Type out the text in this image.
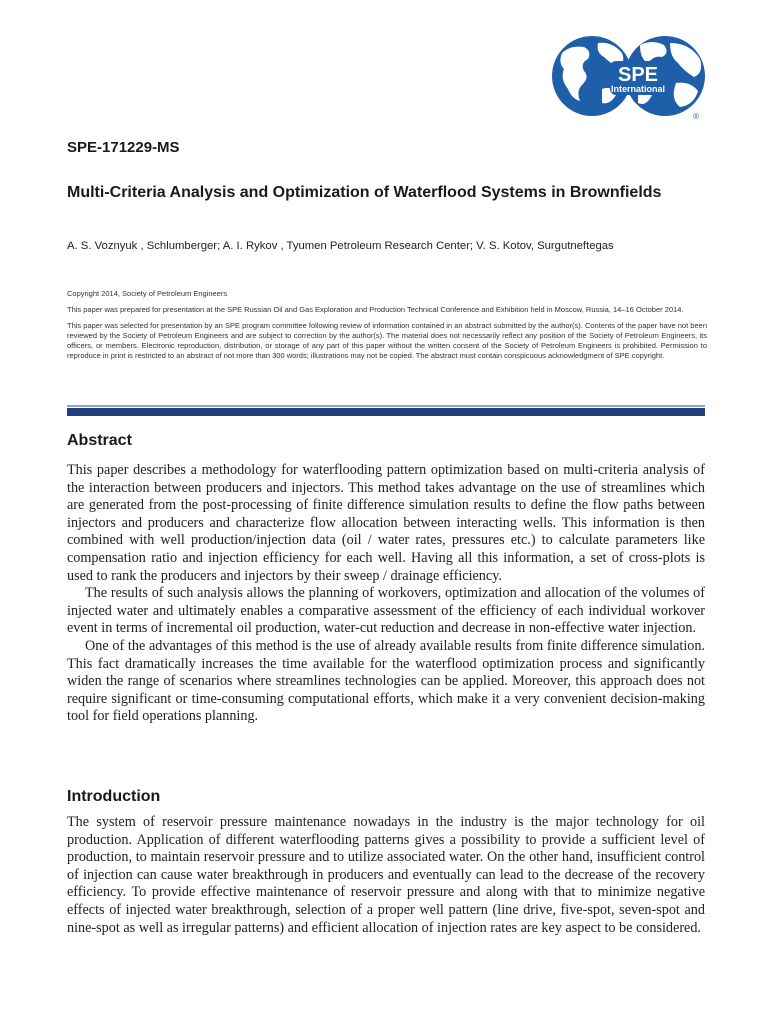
SPE
International
®
SPE-171229-MS
Multi-Criteria Analysis and Optimization of Waterflood Systems in Brownfields
A. S. Voznyuk , Schlumberger; A. I. Rykov , Tyumen Petroleum Research Center; V. S. Kotov, Surgutneftegas

Copyright 2014, Society of Petroleum Engineers

This paper was prepared for presentation at the SPE Russian Oil and Gas Exploration and Production Technical Conference and Exhibition held in Moscow, Russia, 14–16 October 2014.

This paper was selected for presentation by an SPE program committee following review of information contained in an abstract submitted by the author(s). Contents of the paper have not been reviewed by the Society of Petroleum Engineers and are subject to correction by the author(s). The material does not necessarily reflect any position of the Society of Petroleum Engineers, its officers, or members. Electronic reproduction, distribution, or storage of any part of this paper without the written consent of the Society of Petroleum Engineers is prohibited. Permission to reproduce in print is restricted to an abstract of not more than 300 words; illustrations may not be copied. The abstract must contain conspicuous acknowledgment of SPE copyright.

Abstract

This paper describes a methodology for waterflooding pattern optimization based on multi-criteria analysis of the interaction between producers and injectors. This method takes advantage on the use of streamlines which are generated from the post-processing of finite difference simulation results to define the flow paths between injectors and producers and characterize flow allocation between interacting wells. This information is then combined with well production/injection data (oil / water rates, pressures etc.) to calculate parameters like compensation ratio and injection efficiency for each well. Having all this information, a set of cross-plots is used to rank the producers and injectors by their sweep / drainage efficiency.

The results of such analysis allows the planning of workovers, optimization and allocation of the volumes of injected water and ultimately enables a comparative assessment of the efficiency of each individual workover event in terms of incremental oil production, water-cut reduction and decrease in non-effective water injection.

One of the advantages of this method is the use of already available results from finite difference simulation. This fact dramatically increases the time available for the waterflood optimization process and significantly widen the range of scenarios where streamlines technologies can be applied. Moreover, this approach does not require significant or time-consuming computational efforts, which make it a very convenient decision-making tool for field operations planning.

Introduction

The system of reservoir pressure maintenance nowadays in the industry is the major technology for oil production. Application of different waterflooding patterns gives a possibility to provide a sufficient level of production, to maintain reservoir pressure and to utilize associated water. On the other hand, insufficient control of injection can cause water breakthrough in producers and eventually can lead to the decrease of the recovery efficiency. To provide effective maintenance of reservoir pressure and along with that to minimize negative effects of injected water breakthrough, selection of a proper well pattern (line drive, five-spot, seven-spot and nine-spot as well as irregular patterns) and efficient allocation of injection rates are key aspect to be considered.
